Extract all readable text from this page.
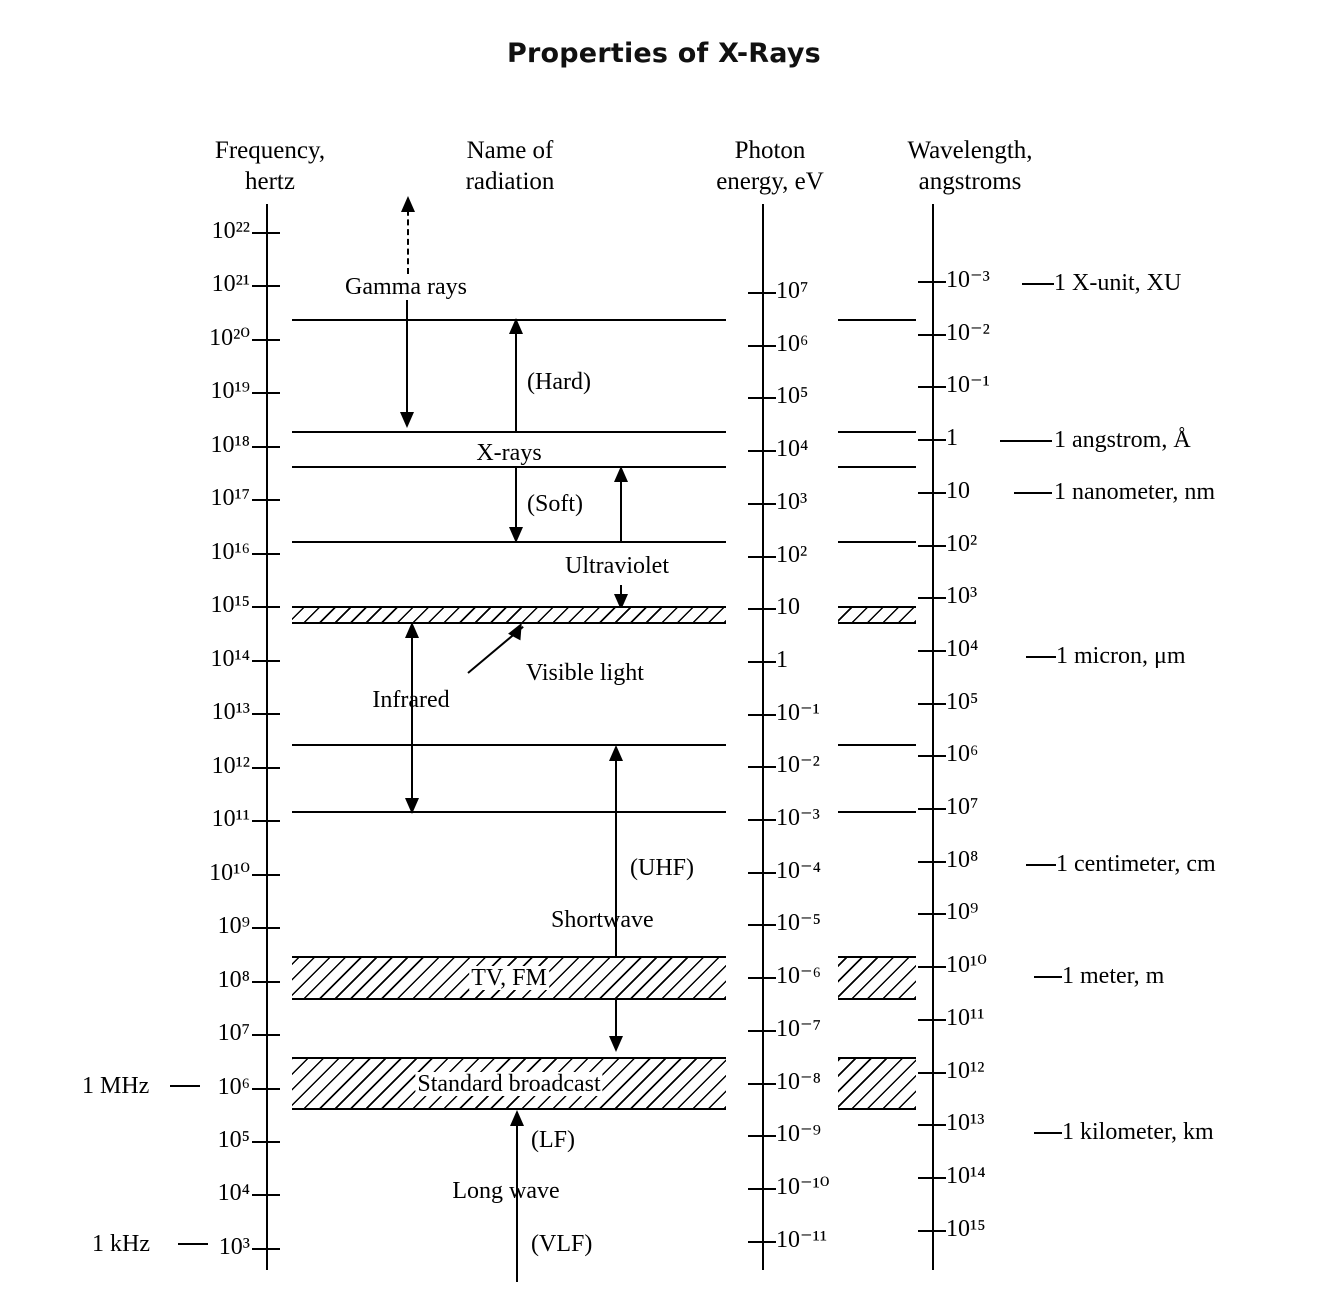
Properties of X-Rays
Frequency,
hertz
Name of
radiation
Photon
energy, eV
Wavelength,
angstroms
10²²
10²¹
10²⁰
10¹⁹
10¹⁸
10¹⁷
10¹⁶
10¹⁵
10¹⁴
10¹³
10¹²
10¹¹
10¹⁰
10⁹
10⁸
10⁷
10⁶
10⁵
10⁴
10³
1 MHz
1 kHz
Gamma rays
(Hard)
X-rays
(Soft)
Ultraviolet
Visible light
Infrared
(UHF)
Shortwave
TV, FM
Standard broadcast
(LF)
Long wave
(VLF)
10⁷
10⁶
10⁵
10⁴
10³
10²
10
1
10⁻¹
10⁻²
10⁻³
10⁻⁴
10⁻⁵
10⁻⁶
10⁻⁷
10⁻⁸
10⁻⁹
10⁻¹⁰
10⁻¹¹
10⁻³
10⁻²
10⁻¹
1
10
10²
10³
10⁴
10⁵
10⁶
10⁷
10⁸
10⁹
10¹⁰
10¹¹
10¹²
10¹³
10¹⁴
10¹⁵
1 X-unit, XU
1 angstrom, Å
1 nanometer, nm
1 micron, μm
1 centimeter, cm
1 meter, m
1 kilometer, km
